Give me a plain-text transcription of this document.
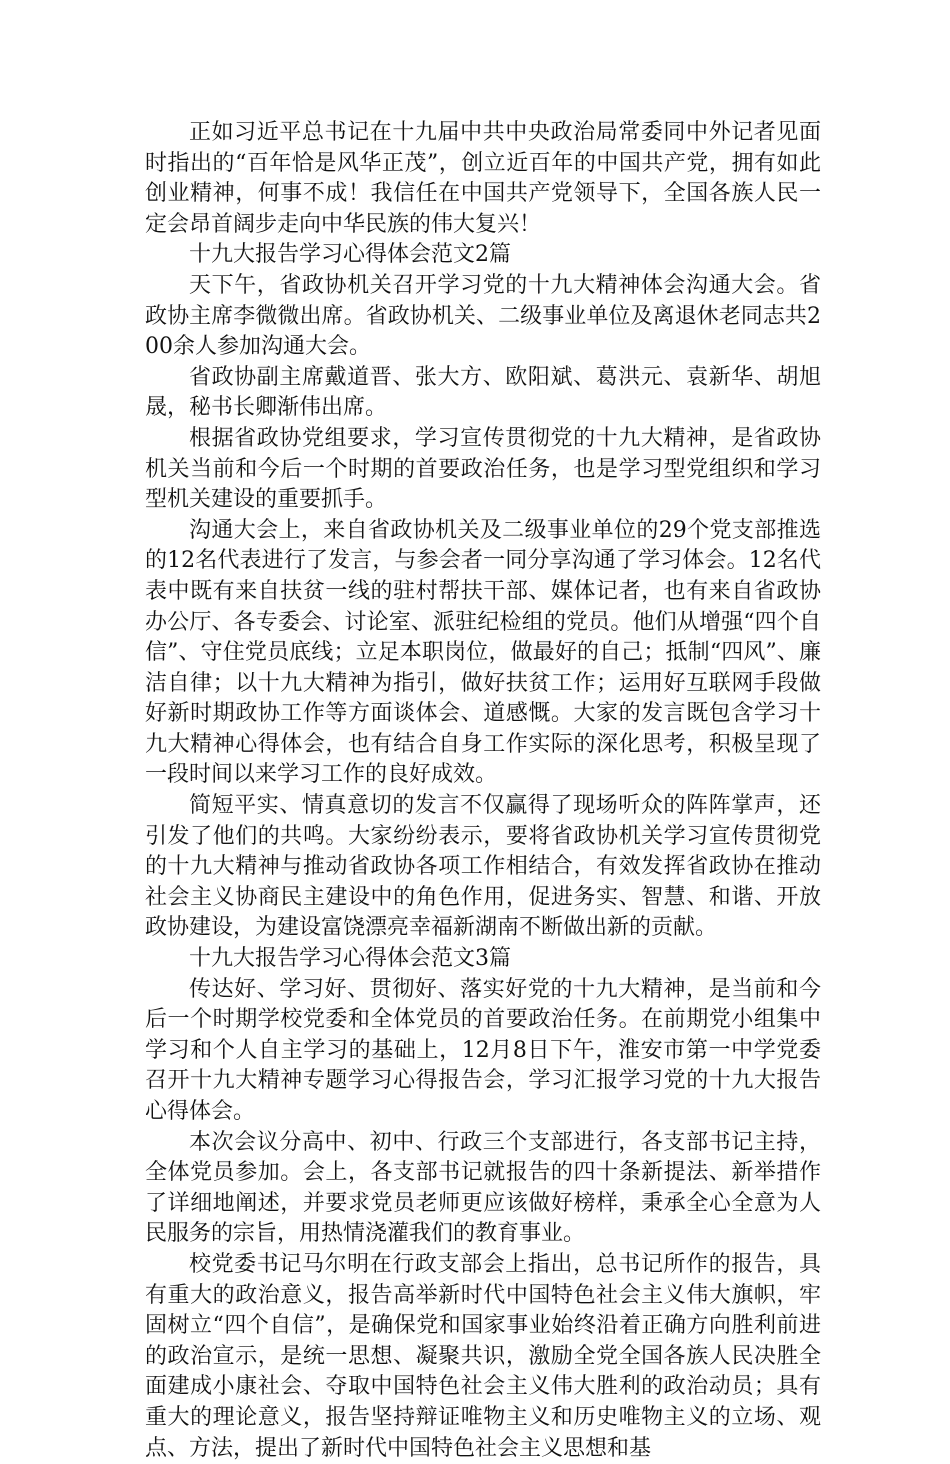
正如习近平总书记在十九届中共中央政治局常委同中外记者见面时指出的“百年恰是风华正茂”，创立近百年的中国共产党，拥有如此创业精神，何事不成！我信任在中国共产党领导下，全国各族人民一定会昂首阔步走向中华民族的伟大复兴！

十九大报告学习心得体会范文2篇

天下午，省政协机关召开学习党的十九大精神体会沟通大会。省政协主席李微微出席。省政协机关、二级事业单位及离退休老同志共200余人参加沟通大会。

省政协副主席戴道晋、张大方、欧阳斌、葛洪元、袁新华、胡旭晟，秘书长卿渐伟出席。

根据省政协党组要求，学习宣传贯彻党的十九大精神，是省政协机关当前和今后一个时期的首要政治任务，也是学习型党组织和学习型机关建设的重要抓手。

沟通大会上，来自省政协机关及二级事业单位的29个党支部推选的12名代表进行了发言，与参会者一同分享沟通了学习体会。12名代表中既有来自扶贫一线的驻村帮扶干部、媒体记者，也有来自省政协办公厅、各专委会、讨论室、派驻纪检组的党员。他们从增强“四个自信”、守住党员底线；立足本职岗位，做最好的自己；抵制“四风”、廉洁自律；以十九大精神为指引，做好扶贫工作；运用好互联网手段做好新时期政协工作等方面谈体会、道感慨。大家的发言既包含学习十九大精神心得体会，也有结合自身工作实际的深化思考，积极呈现了一段时间以来学习工作的良好成效。

简短平实、情真意切的发言不仅赢得了现场听众的阵阵掌声，还引发了他们的共鸣。大家纷纷表示，要将省政协机关学习宣传贯彻党的十九大精神与推动省政协各项工作相结合，有效发挥省政协在推动社会主义协商民主建设中的角色作用，促进务实、智慧、和谐、开放政协建设，为建设富饶漂亮幸福新湖南不断做出新的贡献。

十九大报告学习心得体会范文3篇

传达好、学习好、贯彻好、落实好党的十九大精神，是当前和今后一个时期学校党委和全体党员的首要政治任务。在前期党小组集中学习和个人自主学习的基础上，12月8日下午，淮安市第一中学党委召开十九大精神专题学习心得报告会，学习汇报学习党的十九大报告心得体会。

本次会议分高中、初中、行政三个支部进行，各支部书记主持，全体党员参加。会上，各支部书记就报告的四十条新提法、新举措作了详细地阐述，并要求党员老师更应该做好榜样，秉承全心全意为人民服务的宗旨，用热情浇灌我们的教育事业。

校党委书记马尔明在行政支部会上指出，总书记所作的报告，具有重大的政治意义，报告高举新时代中国特色社会主义伟大旗帜，牢固树立“四个自信”，是确保党和国家事业始终沿着正确方向胜利前进的政治宣示，是统一思想、凝聚共识，激励全党全国各族人民决胜全面建成小康社会、夺取中国特色社会主义伟大胜利的政治动员；具有重大的理论意义，报告坚持辩证唯物主义和历史唯物主义的立场、观点、方法，提出了新时代中国特色社会主义思想和基
